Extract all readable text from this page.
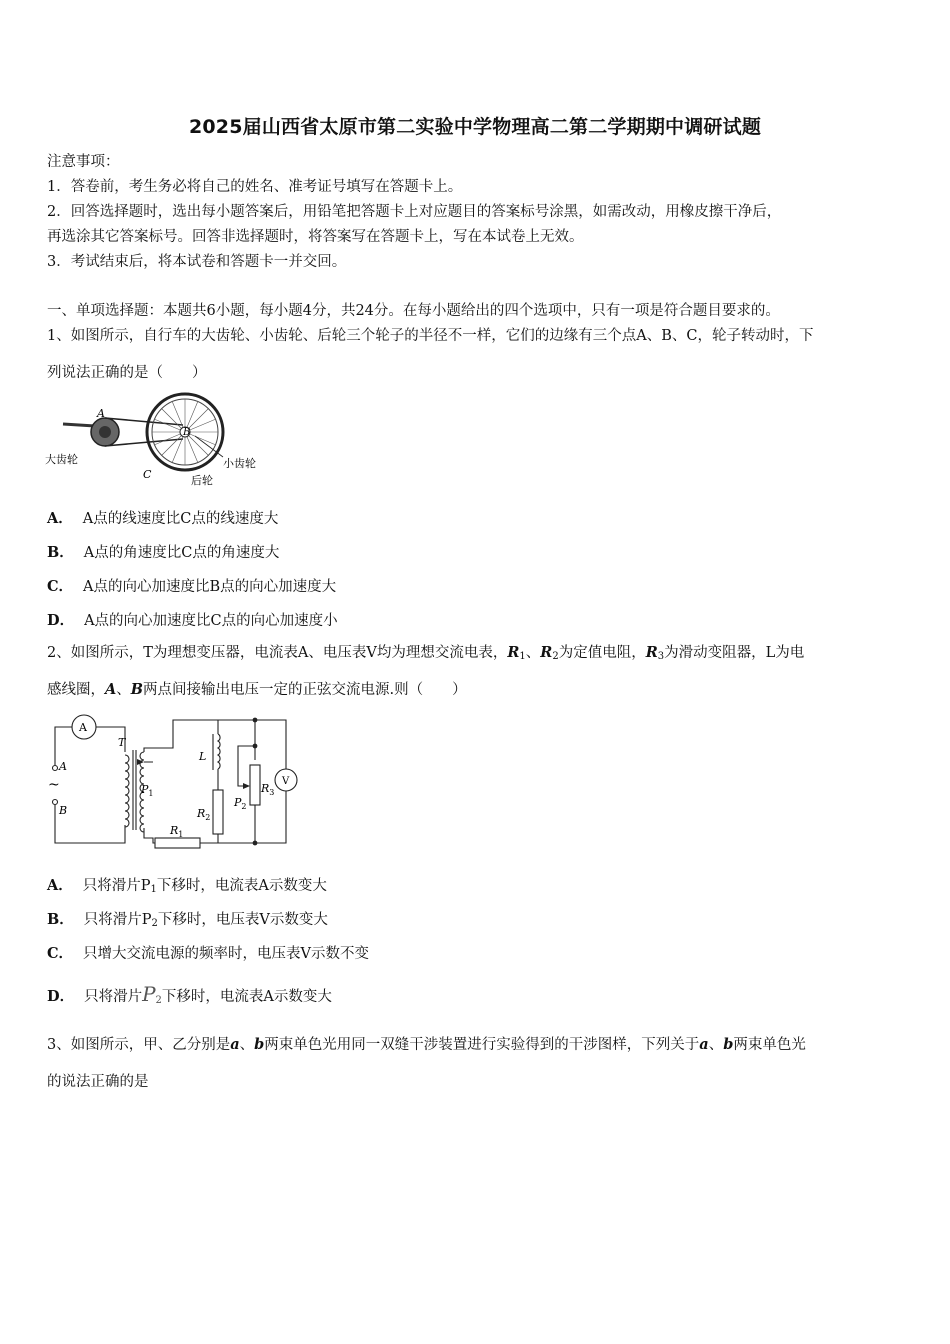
2025届山西省太原市第二实验中学物理高二第二学期期中调研试题
注意事项：
1．答卷前，考生务必将自己的姓名、准考证号填写在答题卡上。
2．回答选择题时，选出每小题答案后，用铅笔把答题卡上对应题目的答案标号涂黑，如需改动，用橡皮擦干净后，
再选涂其它答案标号。回答非选择题时，将答案写在答题卡上，写在本试卷上无效。
3．考试结束后，将本试卷和答题卡一并交回。
一、单项选择题：本题共6小题，每小题4分，共24分。在每小题给出的四个选项中，只有一项是符合题目要求的。
1、如图所示，自行车的大齿轮、小齿轮、后轮三个轮子的半径不一样，它们的边缘有三个点A、B、C，轮子转动时，下
列说法正确的是（　　）
A
B
C
大齿轮	小齿轮
后轮
A． A点的线速度比C点的线速度大
B． A点的角速度比C点的角速度大
C． A点的向心加速度比B点的向心加速度大
D． A点的向心加速度比C点的向心加速度小
2、如图所示，T为理想变压器，电流表A、电压表V均为理想交流电表，$R_1$、$R_2$为定值电阻，$R_3$为滑动变阻器，L为电
感线圈，A、B两点间接输出电压一定的正弦交流电源.则（　　）
A
V
T
A
~
B
$P_1$
L
$R_2$
$P_2$
$R_3$
$R_1$
A． 只将滑片$P_1$下移时，电流表A示数变大
B． 只将滑片$P_2$下移时，电压表V示数变大
C． 只增大交流电源的频率时，电压表V示数不变
D． 只将滑片$P_2$下移时，电流表A示数变大
3、如图所示，甲、乙分别是a、b两束单色光用同一双缝干涉装置进行实验得到的干涉图样，下列关于a、b两束单色光
的说法正确的是
